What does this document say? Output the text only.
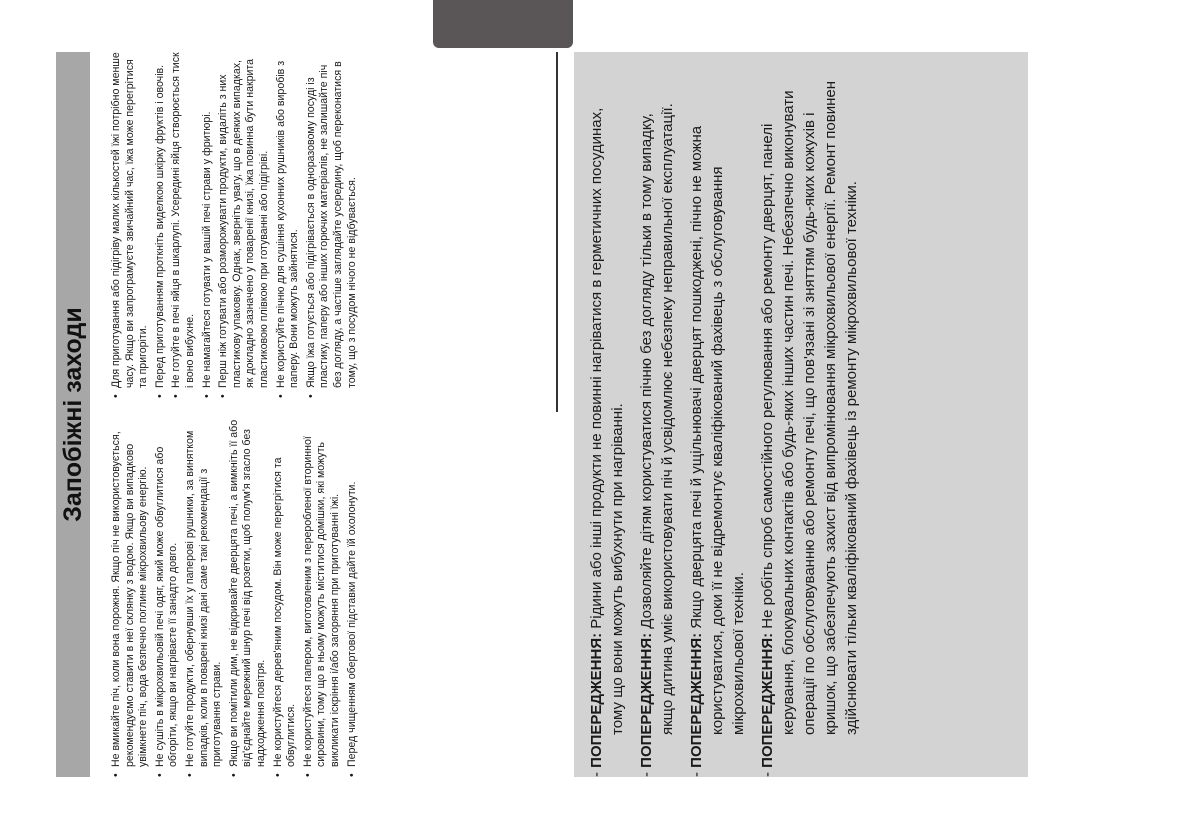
Запобіжні заходи
• Не вмикайте піч, коли вона порожня. Якщо піч не використовується, рекомендуємо ставити в неї склянку з водою. Якщо ви випадково увімкнете піч, вода безпечно поглине мікрохвильову енергію. • Не сушіть в мікрохвильовій печі одяг, який може обвуглитися або обгоріти, якщо ви нагріваєте її занадто довго. • Не готуйте продукти, обернувши їх у паперові рушники, за винятком випадків, коли в поварені книзі дані саме такі рекомендації з приготування страви. • Якщо ви помітили дим, не відкривайте дверцята печі, а вимкніть її або від'єднайте мережний шнур печі від розетки, щоб полум'я згасло без надходження повітря. • Не користуйтеся дерев'яним посудом. Він може перегрітися та обвуглитися. • Не користуйтеся папером, виготовленим з переробленої вторинної сировини, тому що в ньому можуть міститися домішки, які можуть викликати іскріння і/або загоряння при приготуванні їжі. • Перед чищенням обертової підставки дайте їй охолонути.
• Для приготування або підігріву малих кількостей їжі потрібно менше часу. Якщо ви запрограмуєте звичайний час, їжа може перегрітися та пригоріти. • Перед приготуванням проткніть виделкою шкірку фруктів і овочів. • Не готуйте в печі яйця в шкарлупі. Усередині яйця створюється тиск і воно вибухне. • Не намагайтеся готувати у вашій печі страви у фритюрі. • Перш ніж готувати або розморожувати продукти, видаліть з них пластикову упаковку. Однак, зверніть увагу, що в деяких випадках, як докладно зазначено у поваренії книзі, їжа повинна бути накрита пластиковою плівкою при готуванні або підігріві. • Не користуйте пічню для сушіння кухонних рушників або виробів з паперу. Вони можуть зайнятися. • Якщо їжа готується або підігрівається в одноразовому посуді із пластику, паперу або інших горючих матеріалів, не залишайте піч без догляду, а частіше заглядайте усередину, щоб переконатися в тому, що з посудом нічого не відбувається.
- ПОПЕРЕДЖЕННЯ: Рідини або інші продукти не повинні нагріватися в герметичних посудинах, тому що вони можуть вибухнути при нагріванні.
- ПОПЕРЕДЖЕННЯ: Дозволяйте дітям користуватися пічню без догляду тільки в тому випадку, якщо дитина уміє використовувати піч й усвідомлює небезпеку неправильної експлуатації.
- ПОПЕРЕДЖЕННЯ: Якщо дверцята печі й ущільнювачі дверцят пошкоджені, пічно не можна користуватися, доки її не відремонтує кваліфікований фахівець з обслуговування мікрохвильової техніки.
- ПОПЕРЕДЖЕННЯ: Не робіть спроб самостійного регулювання або ремонту дверцят, панелі керування, блокувальних контактів або будь-яких інших частин печі. Небезпечно виконувати операції по обслуговуванню або ремонту печі, що пов'язані зі зняттям будь-яких кожухів і кришок, що забезпечують захист від випромінювання мікрохвильової енергії. Ремонт повинен здійснювати тільки кваліфікований фахівець із ремонту мікрохвильової техніки.
